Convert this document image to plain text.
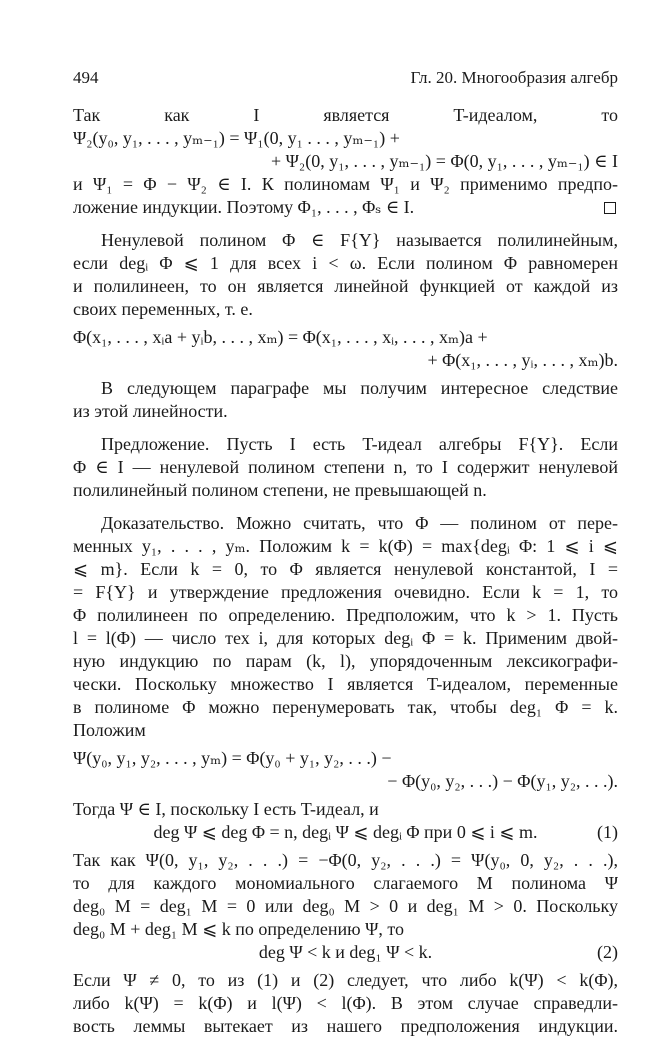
494	Гл. 20. Многообразия алгебр
Так как I является T-идеалом, то
Ψ₂(y₀, y₁, . . . , yₘ₋₁) = Ψ₁(0, y₁ . . . , yₘ₋₁) +
+ Ψ₂(0, y₁, . . . , yₘ₋₁) = Φ(0, y₁, . . . , yₘ₋₁) ∈ I
и Ψ₁ = Φ − Ψ₂ ∈ I. К полиномам Ψ₁ и Ψ₂ применимо предпо-
ложение индукции. Поэтому Φ₁, . . . , Φₛ ∈ I.
Ненулевой полином Φ ∈ F{Y} называется полилинейным,
если degᵢ Φ ⩽ 1 для всех i < ω. Если полином Φ равномерен
и полилинеен, то он является линейной функцией от каждой из
своих переменных, т. е.
Φ(x₁, . . . , xᵢa + yᵢb, . . . , xₘ) = Φ(x₁, . . . , xᵢ, . . . , xₘ)a +
+ Φ(x₁, . . . , yᵢ, . . . , xₘ)b.
В следующем параграфе мы получим интересное следствие
из этой линейности.
Предложение. Пусть I есть T-идеал алгебры F{Y}. Если
Φ ∈ I — ненулевой полином степени n, то I содержит ненулевой
полилинейный полином степени, не превышающей n.
Доказательство. Можно считать, что Φ — полином от пере-
менных y₁, . . . , yₘ. Положим k = k(Φ) = max{degᵢ Φ: 1 ⩽ i ⩽
⩽ m}. Если k = 0, то Φ является ненулевой константой, I =
= F{Y} и утверждение предложения очевидно. Если k = 1, то
Φ полилинеен по определению. Предположим, что k > 1. Пусть
l = l(Φ) — число тех i, для которых degᵢ Φ = k. Применим двой-
ную индукцию по парам (k, l), упорядоченным лексикографи-
чески. Поскольку множество I является T-идеалом, переменные
в полиноме Φ можно перенумеровать так, чтобы deg₁ Φ = k.
Положим
Ψ(y₀, y₁, y₂, . . . , yₘ) = Φ(y₀ + y₁, y₂, . . .) −
− Φ(y₀, y₂, . . .) − Φ(y₁, y₂, . . .).
Тогда Ψ ∈ I, поскольку I есть T-идеал, и
deg Ψ ⩽ deg Φ = n, degᵢ Ψ ⩽ degᵢ Φ при 0 ⩽ i ⩽ m.	(1)
Так как Ψ(0, y₁, y₂, . . .) = −Φ(0, y₂, . . .) = Ψ(y₀, 0, y₂, . . .),
то для каждого мономиального слагаемого M полинома Ψ
deg₀ M = deg₁ M = 0 или deg₀ M > 0 и deg₁ M > 0. Поскольку
deg₀ M + deg₁ M ⩽ k по определению Ψ, то
deg Ψ < k и deg₁ Ψ < k.	(2)
Если Ψ ≠ 0, то из (1) и (2) следует, что либо k(Ψ) < k(Φ),
либо k(Ψ) = k(Φ) и l(Ψ) < l(Φ). В этом случае справедли-
вость леммы вытекает из нашего предположения индукции.
